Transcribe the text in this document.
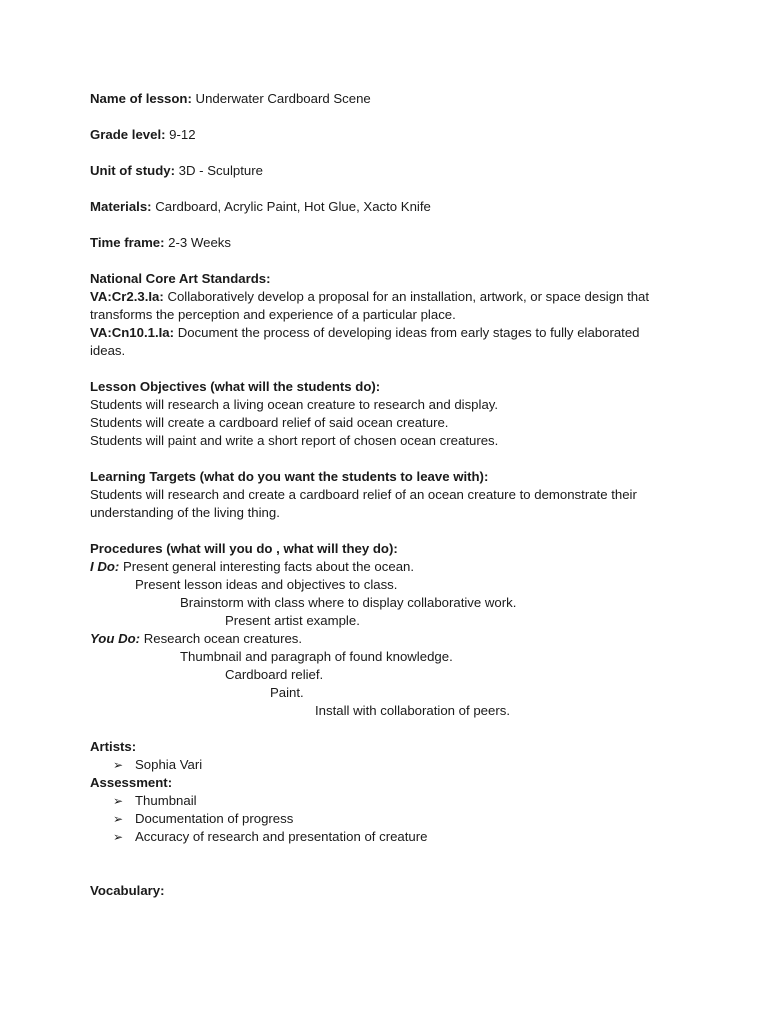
Name of lesson: Underwater Cardboard Scene

Grade level: 9-12

Unit of study: 3D - Sculpture

Materials: Cardboard, Acrylic Paint, Hot Glue, Xacto Knife

Time frame: 2-3 Weeks

National Core Art Standards:
VA:Cr2.3.Ia: Collaboratively develop a proposal for an installation, artwork, or space design that
transforms the perception and experience of a particular place.
VA:Cn10.1.Ia: Document the process of developing ideas from early stages to fully elaborated
ideas.
Lesson Objectives (what will the students do):
Students will research a living ocean creature to research and display.
Students will create a cardboard relief of said ocean creature.
Students will paint and write a short report of chosen ocean creatures.
Learning Targets (what do you want the students to leave with):
Students will research and create a cardboard relief of an ocean creature to demonstrate their
understanding of the living thing.
Procedures (what will you do , what will they do):
I Do: Present general interesting facts about the ocean.
Present lesson ideas and objectives to class.
Brainstorm with class where to display collaborative work.
Present artist example.
You Do: Research ocean creatures.
Thumbnail and paragraph of found knowledge.
Cardboard relief.
Paint.
Install with collaboration of peers.
Artists:
➢ Sophia Vari
Assessment:
➢ Thumbnail
➢ Documentation of progress
➢ Accuracy of research and presentation of creature
Vocabulary:
